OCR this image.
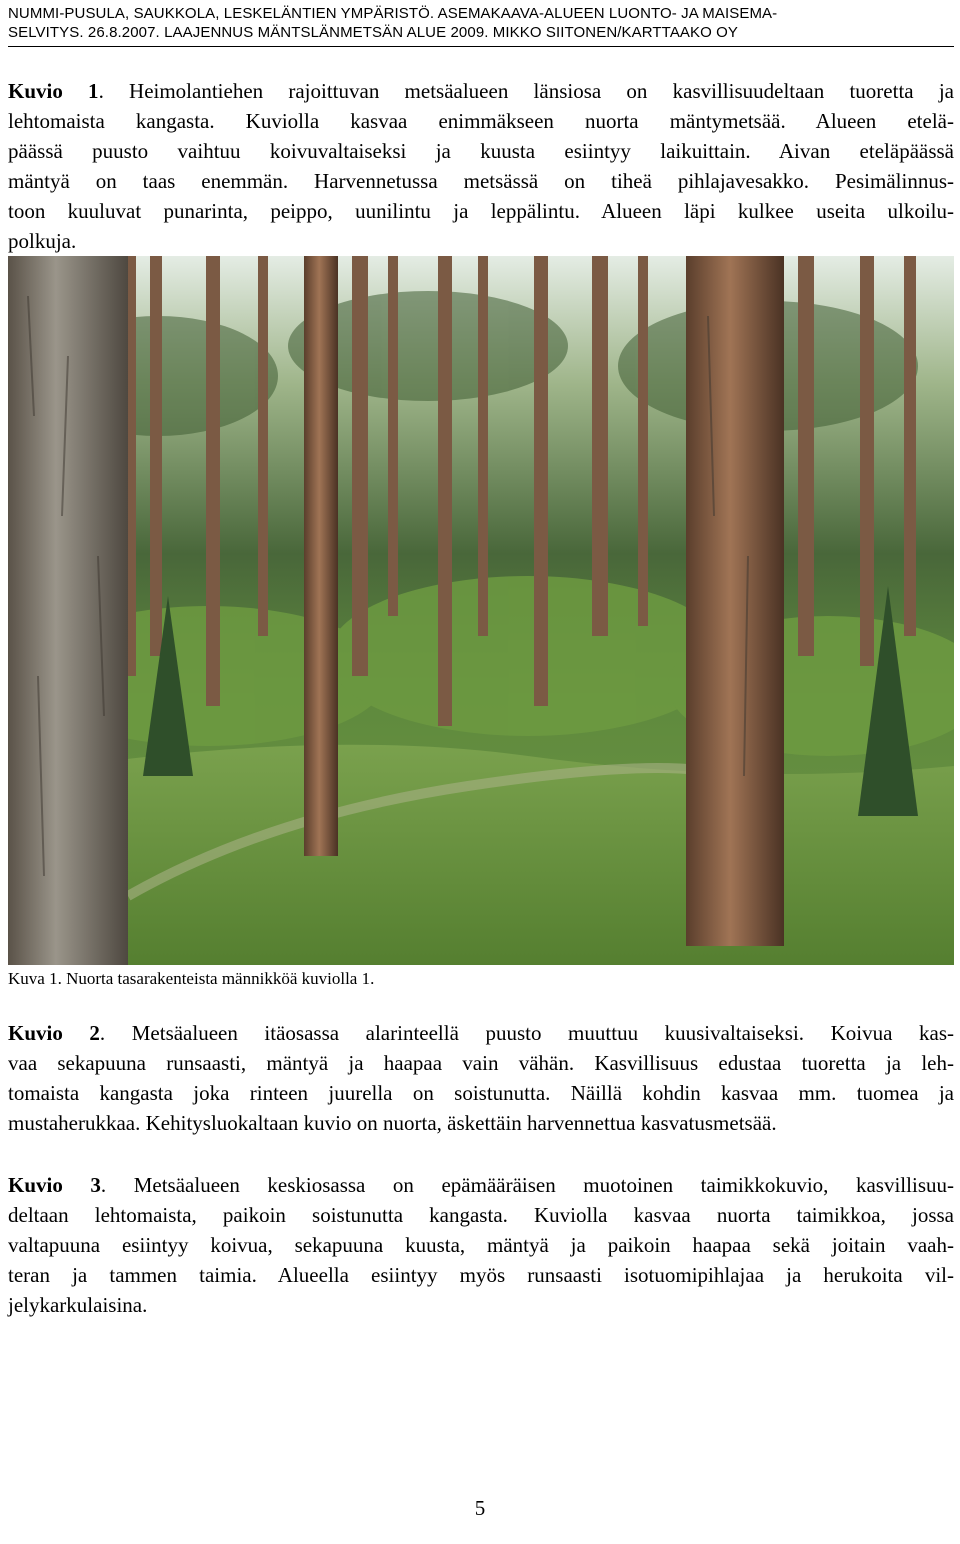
NUMMI-PUSULA, SAUKKOLA, LESKELÄNTIEN YMPÄRISTÖ. ASEMAKAAVA-ALUEEN LUONTO- JA MAISEMA-
SELVITYS. 26.8.2007. LAAJENNUS MÄNTSLÄNMETSÄN ALUE 2009. MIKKO SIITONEN/KARTTAAKO OY
Kuvio 1. Heimolantiehen rajoittuvan metsäalueen länsiosa on kasvillisuudeltaan tuoretta ja
lehtomaista kangasta. Kuviolla kasvaa enimmäkseen nuorta mäntymetsää. Alueen etelä-
päässä puusto vaihtuu koivuvaltaiseksi ja kuusta esiintyy laikuittain. Aivan eteläpäässä
mäntyä on taas enemmän. Harvennetussa metsässä on tiheä pihlajavesakko. Pesimälinnus-
toon kuuluvat punarinta, peippo, uunilintu ja leppälintu. Alueen läpi kulkee useita ulkoilu-
polkuja.
Kuva 1. Nuorta tasarakenteista männikköä kuviolla 1.
Kuvio 2. Metsäalueen itäosassa alarinteellä puusto muuttuu kuusivaltaiseksi. Koivua kas-
vaa sekapuuna runsaasti, mäntyä ja haapaa vain vähän. Kasvillisuus edustaa tuoretta ja leh-
tomaista kangasta joka rinteen juurella on soistunutta. Näillä kohdin kasvaa mm. tuomea ja
mustaherukkaa. Kehitysluokaltaan kuvio on nuorta, äskettäin harvennettua kasvatusmetsää.
Kuvio 3. Metsäalueen keskiosassa on epämääräisen muotoinen taimikkokuvio, kasvillisuu-
deltaan lehtomaista, paikoin soistunutta kangasta. Kuviolla kasvaa nuorta taimikkoa, jossa
valtapuuna esiintyy koivua, sekapuuna kuusta, mäntyä ja paikoin haapaa sekä joitain vaah-
teran ja tammen taimia. Alueella esiintyy myös runsaasti isotuomipihlajaa ja herukoita vil-
jelykarkulaisina.
5
